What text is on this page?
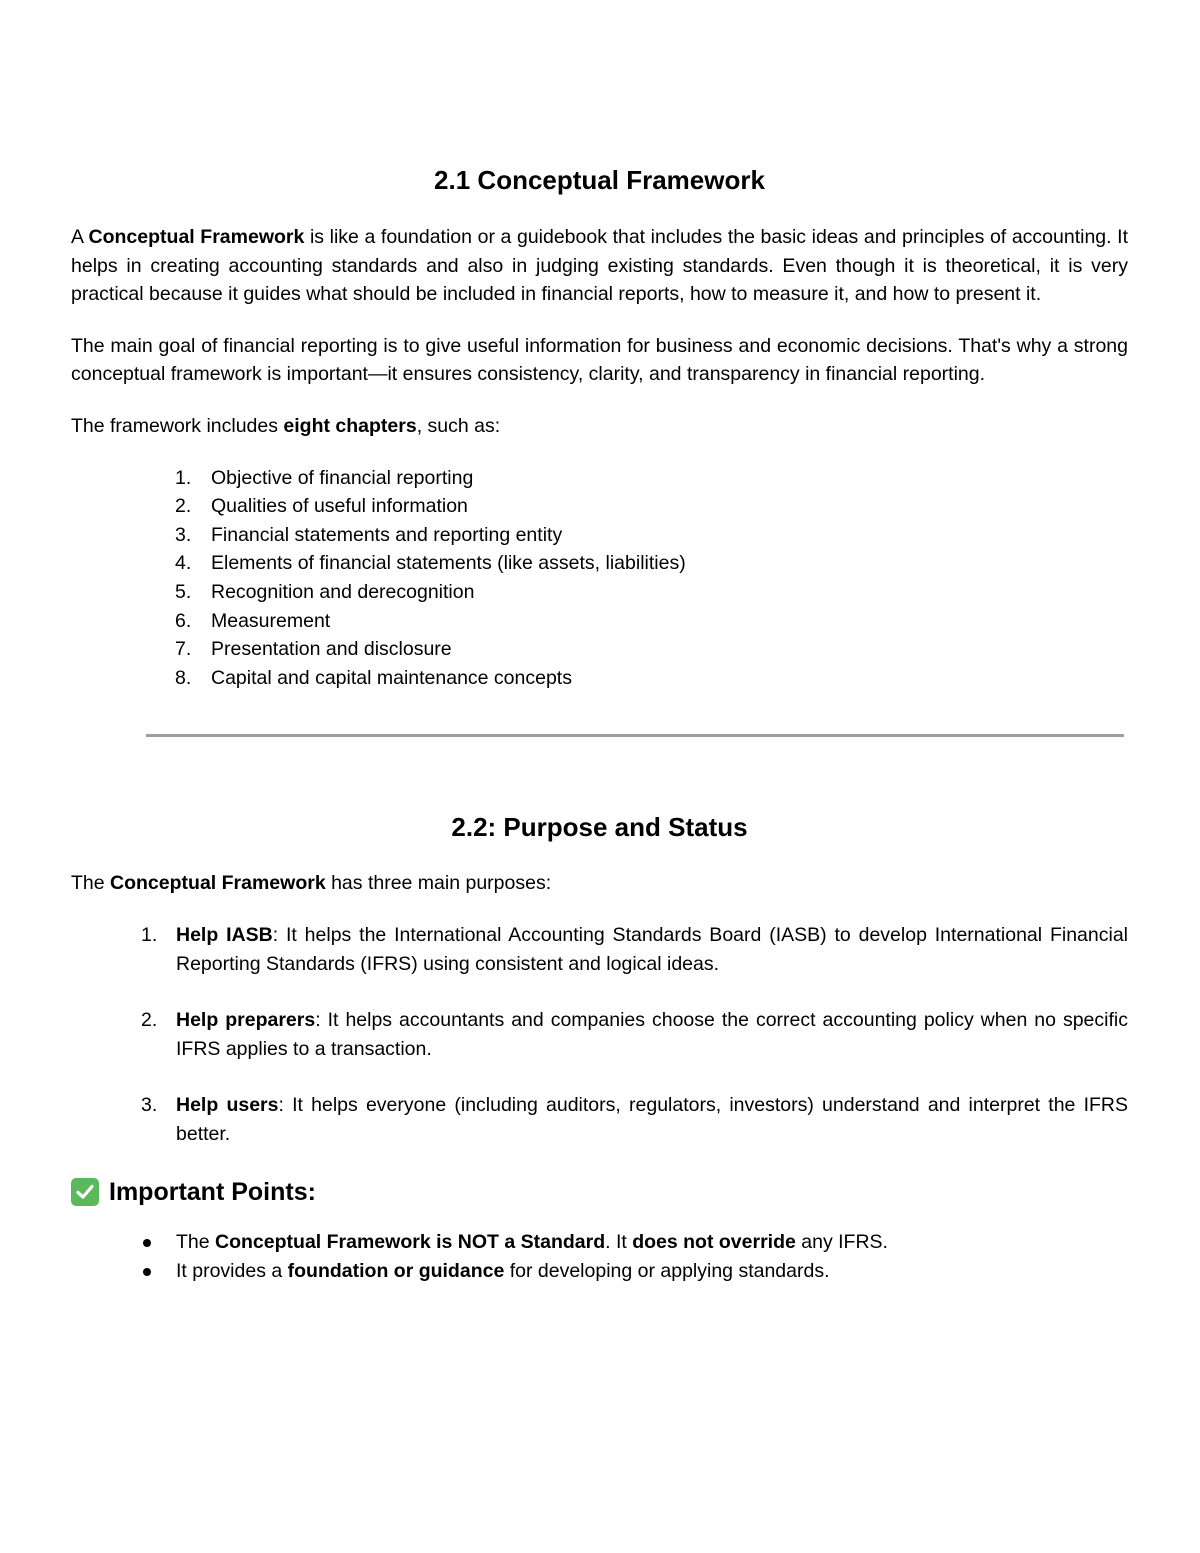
2.1 Conceptual Framework

A Conceptual Framework is like a foundation or a guidebook that includes the basic ideas and principles of accounting. It helps in creating accounting standards and also in judging existing standards. Even though it is theoretical, it is very practical because it guides what should be included in financial reports, how to measure it, and how to present it.

The main goal of financial reporting is to give useful information for business and economic decisions. That's why a strong conceptual framework is important—it ensures consistency, clarity, and transparency in financial reporting.

The framework includes eight chapters, such as:

1.	Objective of financial reporting
2.	Qualities of useful information
3.	Financial statements and reporting entity
4.	Elements of financial statements (like assets, liabilities)
5.	Recognition and derecognition
6.	Measurement
7.	Presentation and disclosure
8.	Capital and capital maintenance concepts
2.2: Purpose and Status

The Conceptual Framework has three main purposes:

1. Help IASB: It helps the International Accounting Standards Board (IASB) to develop International Financial Reporting Standards (IFRS) using consistent and logical ideas.
2. Help preparers: It helps accountants and companies choose the correct accounting policy when no specific IFRS applies to a transaction.
3. Help users: It helps everyone (including auditors, regulators, investors) understand and interpret the IFRS better.
Important Points:
The Conceptual Framework is NOT a Standard. It does not override any IFRS.
It provides a foundation or guidance for developing or applying standards.
